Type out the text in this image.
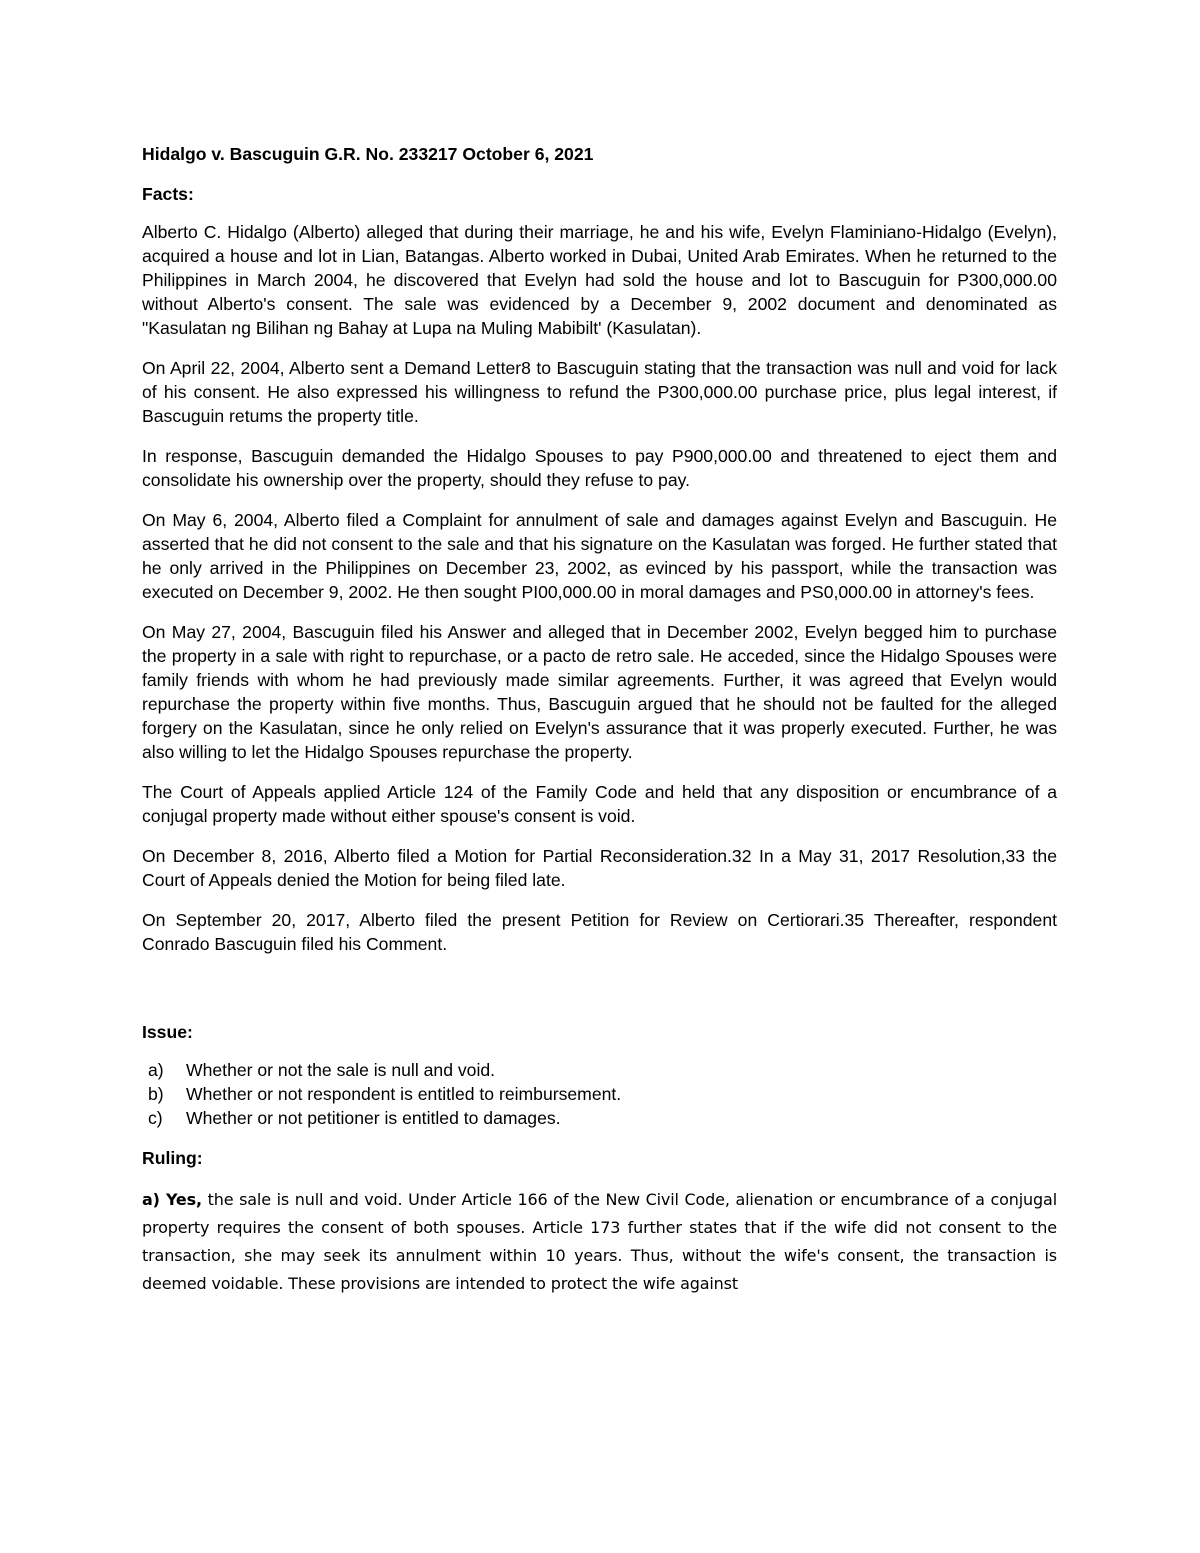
Hidalgo v. Bascuguin G.R. No. 233217 October 6, 2021
Facts:

Alberto C. Hidalgo (Alberto) alleged that during their marriage, he and his wife, Evelyn Flaminiano-Hidalgo (Evelyn), acquired a house and lot in Lian, Batangas. Alberto worked in Dubai, United Arab Emirates. When he returned to the Philippines in March 2004, he discovered that Evelyn had sold the house and lot to Bascuguin for P300,000.00 without Alberto's consent. The sale was evidenced by a December 9, 2002 document and denominated as "Kasulatan ng Bilihan ng Bahay at Lupa na Muling Mabibilt' (Kasulatan).

On April 22, 2004, Alberto sent a Demand Letter8 to Bascuguin stating that the transaction was null and void for lack of his consent. He also expressed his willingness to refund the P300,000.00 purchase price, plus legal interest, if Bascuguin retums the property title.

In response, Bascuguin demanded the Hidalgo Spouses to pay P900,000.00 and threatened to eject them and consolidate his ownership over the property, should they refuse to pay.

On May 6, 2004, Alberto filed a Complaint for annulment of sale and damages against Evelyn and Bascuguin. He asserted that he did not consent to the sale and that his signature on the Kasulatan was forged. He further stated that he only arrived in the Philippines on December 23, 2002, as evinced by his passport, while the transaction was executed on December 9, 2002. He then sought PI00,000.00 in moral damages and PS0,000.00 in attorney's fees.

On May 27, 2004, Bascuguin filed his Answer and alleged that in December 2002, Evelyn begged him to purchase the property in a sale with right to repurchase, or a pacto de retro sale. He acceded, since the Hidalgo Spouses were family friends with whom he had previously made similar agreements. Further, it was agreed that Evelyn would repurchase the property within five months. Thus, Bascuguin argued that he should not be faulted for the alleged forgery on the Kasulatan, since he only relied on Evelyn's assurance that it was properly executed. Further, he was also willing to let the Hidalgo Spouses repurchase the property.

The Court of Appeals applied Article 124 of the Family Code and held that any disposition or encumbrance of a conjugal property made without either spouse's consent is void.

On December 8, 2016, Alberto filed a Motion for Partial Reconsideration.32 In a May 31, 2017 Resolution,33 the Court of Appeals denied the Motion for being filed late.

On September 20, 2017, Alberto filed the present Petition for Review on Certiorari.35 Thereafter, respondent Conrado Bascuguin filed his Comment.

Issue:
a)	Whether or not the sale is null and void.
b)	Whether or not respondent is entitled to reimbursement.
c)	Whether or not petitioner is entitled to damages.
Ruling:

a) Yes, the sale is null and void. Under Article 166 of the New Civil Code, alienation or encumbrance of a conjugal property requires the consent of both spouses. Article 173 further states that if the wife did not consent to the transaction, she may seek its annulment within 10 years. Thus, without the wife's consent, the transaction is deemed voidable. These provisions are intended to protect the wife against
